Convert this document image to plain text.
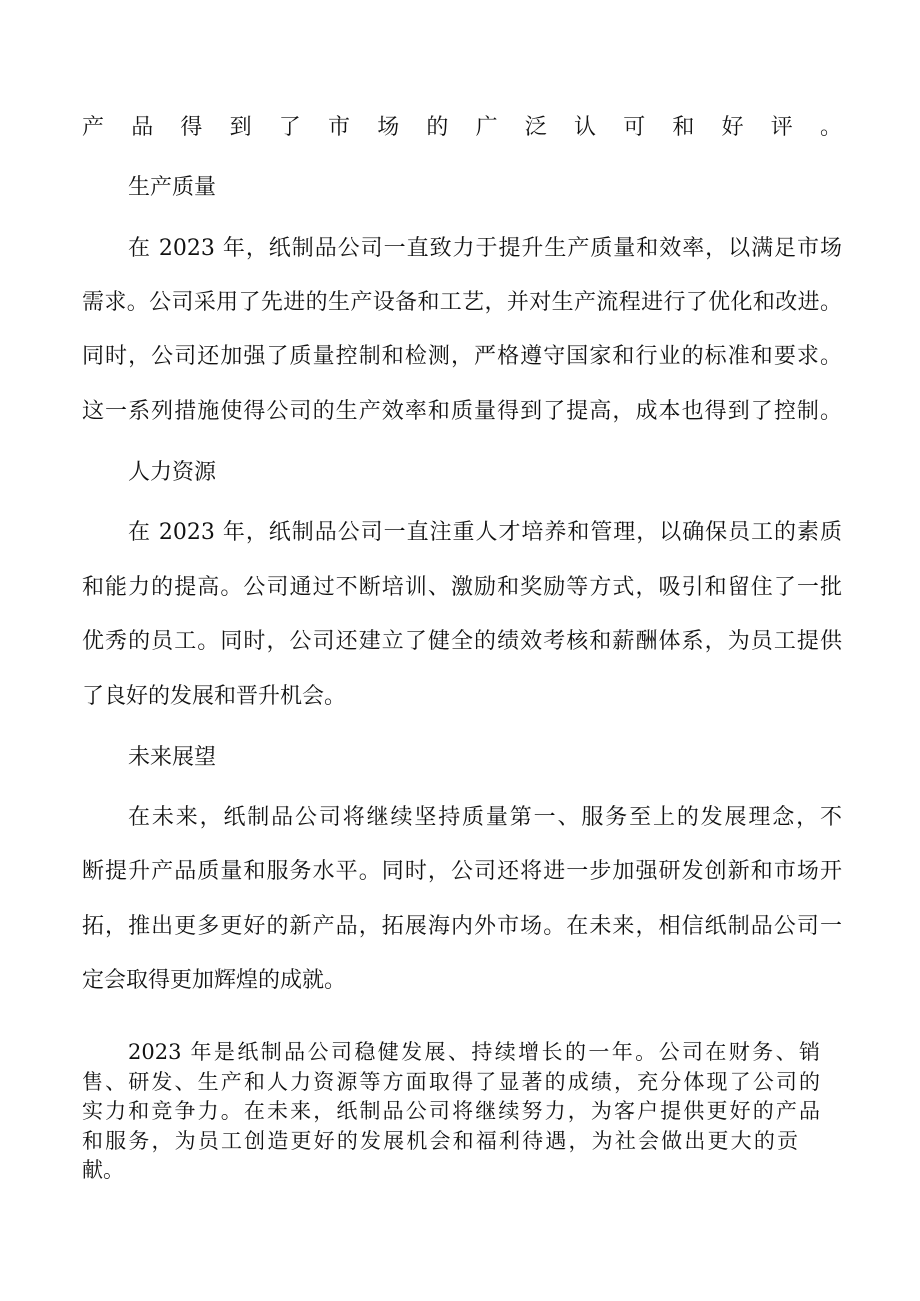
产品得到了市场的广泛认可和好评。

生产质量

在 2023 年，纸制品公司一直致力于提升生产质量和效率，以满足市场

需求。公司采用了先进的生产设备和工艺，并对生产流程进行了优化和改进。

同时，公司还加强了质量控制和检测，严格遵守国家和行业的标准和要求。

这一系列措施使得公司的生产效率和质量得到了提高，成本也得到了控制。

人力资源

在 2023 年，纸制品公司一直注重人才培养和管理，以确保员工的素质

和能力的提高。公司通过不断培训、激励和奖励等方式，吸引和留住了一批

优秀的员工。同时，公司还建立了健全的绩效考核和薪酬体系，为员工提供

了良好的发展和晋升机会。

未来展望

在未来，纸制品公司将继续坚持质量第一、服务至上的发展理念，不

断提升产品质量和服务水平。同时，公司还将进一步加强研发创新和市场开

拓，推出更多更好的新产品，拓展海内外市场。在未来，相信纸制品公司一

定会取得更加辉煌的成就。

2023 年是纸制品公司稳健发展、持续增长的一年。公司在财务、销

售、研发、生产和人力资源等方面取得了显著的成绩，充分体现了公司的

实力和竞争力。在未来，纸制品公司将继续努力，为客户提供更好的产品

和服务，为员工创造更好的发展机会和福利待遇，为社会做出更大的贡

献。
